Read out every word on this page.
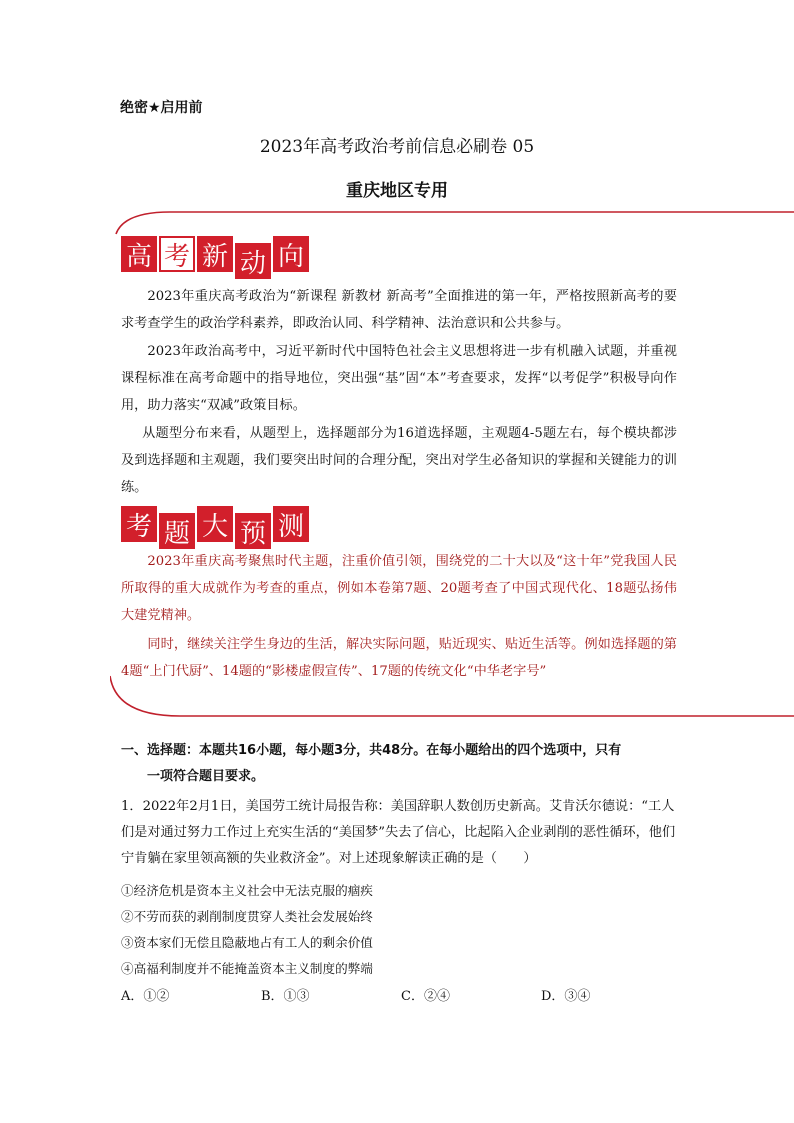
绝密★启用前
2023年高考政治考前信息必刷卷 05
重庆地区专用
高 考 新 动 向
2023年重庆高考政治为“新课程 新教材 新高考”全面推进的第一年，严格按照新高考的要求考查学生的政治学科素养，即政治认同、科学精神、法治意识和公共参与。
2023年政治高考中，习近平新时代中国特色社会主义思想将进一步有机融入试题，并重视课程标准在高考命题中的指导地位，突出强“基”固“本”考查要求，发挥“以考促学”积极导向作用，助力落实“双减”政策目标。
从题型分布来看，从题型上，选择题部分为16道选择题，主观题4-5题左右，每个模块都涉及到选择题和主观题，我们要突出时间的合理分配，突出对学生必备知识的掌握和关键能力的训练。
考 题 大 预 测
2023年重庆高考聚焦时代主题，注重价值引领，围绕党的二十大以及“这十年”党我国人民所取得的重大成就作为考查的重点，例如本卷第7题、20题考查了中国式现代化、18题弘扬伟大建党精神。
同时，继续关注学生身边的生活，解决实际问题，贴近现实、贴近生活等。例如选择题的第4题“上门代厨”、14题的“影楼虚假宣传”、17题的传统文化“中华老字号”
一、选择题：本题共16小题，每小题3分，共48分。在每小题给出的四个选项中，只有
一项符合题目要求。
1．2022年2月1日，美国劳工统计局报告称：美国辞职人数创历史新高。艾肯沃尔德说：“工人们是对通过努力工作过上充实生活的“美国梦”失去了信心，比起陷入企业剥削的恶性循环，他们宁肯躺在家里领高额的失业救济金”。对上述现象解读正确的是（　　）
①经济危机是资本主义社会中无法克服的痼疾
②不劳而获的剥削制度贯穿人类社会发展始终
③资本家们无偿且隐蔽地占有工人的剩余价值
④高福利制度并不能掩盖资本主义制度的弊端
A．①②	B．①③	C．②④	D．③④
